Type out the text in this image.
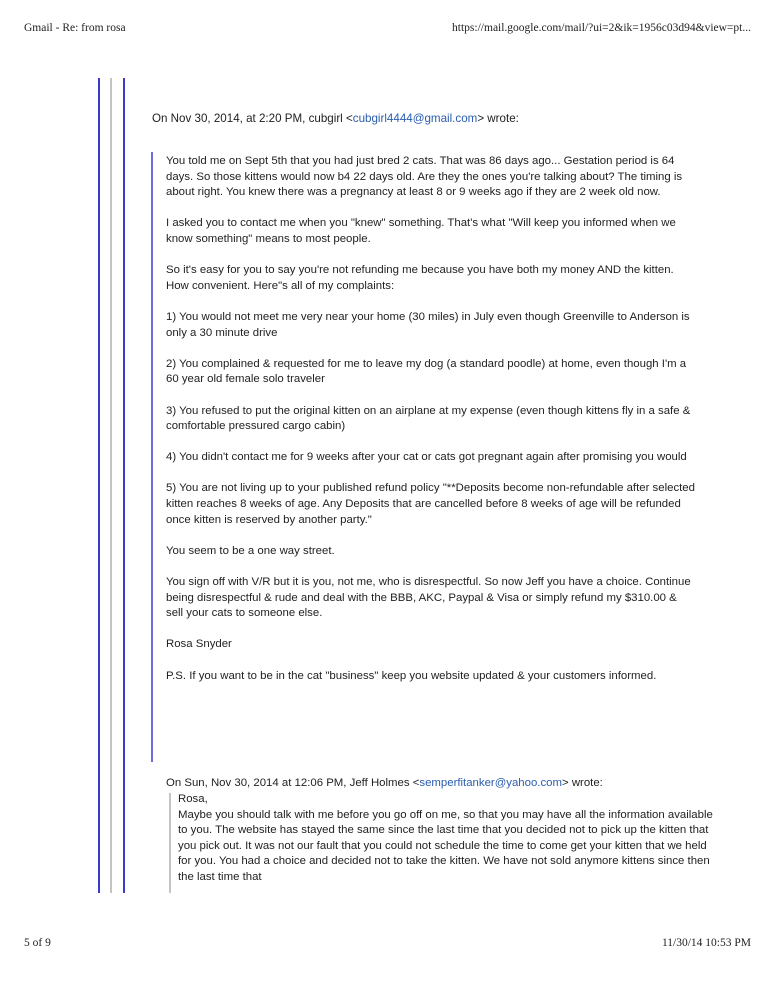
Gmail - Re: from rosa	https://mail.google.com/mail/?ui=2&ik=1956c03d94&view=pt...
On Nov 30, 2014, at 2:20 PM, cubgirl <cubgirl4444@gmail.com> wrote:

You told me on Sept 5th that you had just bred 2 cats. That was 86 days ago... Gestation period is 64 days. So those kittens would now b4 22 days old. Are they the ones you're talking about? The timing is about right. You knew there was a pregnancy at least 8 or 9 weeks ago if they are 2 week old now.

I asked you to contact me when you "knew" something. That's what "Will keep you informed when we know something" means to most people.

So it's easy for you to say you're not refunding me because you have both my money AND the kitten. How convenient. Here"s all of my complaints:

1) You would not meet me very near your home (30 miles) in July even though Greenville to Anderson is only a 30 minute drive

2) You complained & requested for me to leave my dog (a standard poodle) at home, even though I'm a 60 year old female solo traveler

3) You refused to put the original kitten on an airplane at my expense (even though kittens fly in a safe & comfortable pressured cargo cabin)

4) You didn't contact me for 9 weeks after your cat or cats got pregnant again after promising you would

5) You are not living up to your published refund policy "**Deposits become non-refundable after selected kitten reaches 8 weeks of age. Any Deposits that are cancelled before 8 weeks of age will be refunded once kitten is reserved by another party."

You seem to be a one way street.

You sign off with V/R but it is you, not me, who is disrespectful. So now Jeff you have a choice. Continue being disrespectful & rude and deal with the BBB, AKC, Paypal & Visa or simply refund my $310.00 & sell your cats to someone else.

Rosa Snyder

P.S. If you want to be in the cat "business" keep you website updated & your customers informed.

On Sun, Nov 30, 2014 at 12:06 PM, Jeff Holmes <semperfitanker@yahoo.com> wrote:
Rosa,
Maybe you should talk with me before you go off on me, so that you may have all the information available to you. The website has stayed the same since the last time that you decided not to pick up the kitten that you pick out. It was not our fault that you could not schedule the time to come get your kitten that we held for you. You had a choice and decided not to take the kitten. We have not sold anymore kittens since then the last time that
5 of 9	11/30/14 10:53 PM
